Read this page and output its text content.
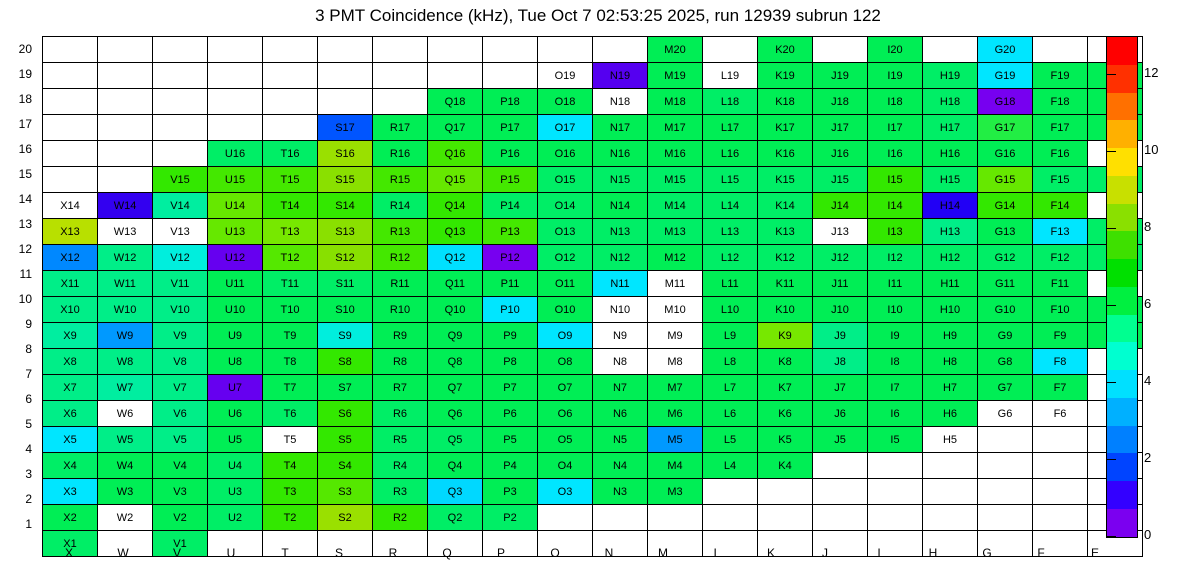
3 PMT Coincidence (kHz), Tue Oct 7 02:53:25 2025, run 12939 subrun 122
											M20		K20		I20		G20		
									O19	N19	M19	L19	K19	J19	I19	H19	G19	F19	
							Q18	P18	O18	N18	M18	L18	K18	J18	I18	H18	G18	F18	
					S17	R17	Q17	P17	O17	N17	M17	L17	K17	J17	I17	H17	G17	F17	
			U16	T16	S16	R16	Q16	P16	O16	N16	M16	L16	K16	J16	I16	H16	G16	F16	
		V15	U15	T15	S15	R15	Q15	P15	O15	N15	M15	L15	K15	J15	I15	H15	G15	F15	
X14	W14	V14	U14	T14	S14	R14	Q14	P14	O14	N14	M14	L14	K14	J14	I14	H14	G14	F14	
X13	W13	V13	U13	T13	S13	R13	Q13	P13	O13	N13	M13	L13	K13	J13	I13	H13	G13	F13	
X12	W12	V12	U12	T12	S12	R12	Q12	P12	O12	N12	M12	L12	K12	J12	I12	H12	G12	F12	
X11	W11	V11	U11	T11	S11	R11	Q11	P11	O11	N11	M11	L11	K11	J11	I11	H11	G11	F11	
X10	W10	V10	U10	T10	S10	R10	Q10	P10	O10	N10	M10	L10	K10	J10	I10	H10	G10	F10	
X9	W9	V9	U9	T9	S9	R9	Q9	P9	O9	N9	M9	L9	K9	J9	I9	H9	G9	F9	
X8	W8	V8	U8	T8	S8	R8	Q8	P8	O8	N8	M8	L8	K8	J8	I8	H8	G8	F8	
X7	W7	V7	U7	T7	S7	R7	Q7	P7	O7	N7	M7	L7	K7	J7	I7	H7	G7	F7	
X6	W6	V6	U6	T6	S6	R6	Q6	P6	O6	N6	M6	L6	K6	J6	I6	H6	G6	F6	
X5	W5	V5	U5	T5	S5	R5	Q5	P5	O5	N5	M5	L5	K5	J5	I5	H5			
X4	W4	V4	U4	T4	S4	R4	Q4	P4	O4	N4	M4	L4	K4						
X3	W3	V3	U3	T3	S3	R3	Q3	P3	O3	N3	M3								
X2	W2	V2	U2	T2	S2	R2	Q2	P2											
X1		V1																	
20
19
18
17
16
15
14
13
12
11
10
9
8
7
6
5
4
3
2
1
X	W	V	U	T	S	R	Q	P	O	N	M	L	K	J	I	H	G	F	E
0
2
4
6
8
10
12
